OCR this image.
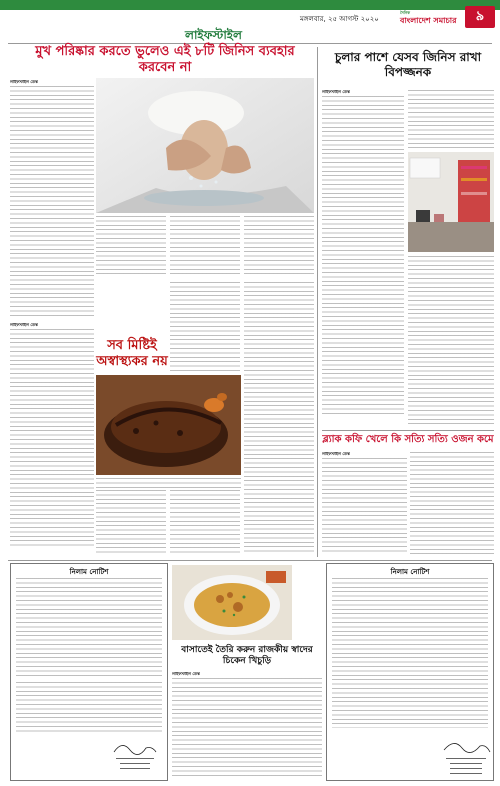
মঙ্গলবার, ২৫ আগস্ট ২০২০
দৈনিক
বাংলাদেশ সমাচার	৯
লাইফস্টাইল
মুখ পরিষ্কার করতে ভুলেও এই ৮টি জিনিস ব্যবহার করবেন না
লাইফস্টাইল ডেস্ক
চুলার পাশে যেসব জিনিস রাখা বিপজ্জনক
লাইফস্টাইল ডেস্ক
ব্ল্যাক কফি খেলে কি সত্যি সত্যি ওজন কমে
লাইফস্টাইল ডেস্ক
লাইফস্টাইল ডেস্ক
সব মিষ্টিই অস্বাস্থ্যকর নয়
নিলাম নোটিশ
বাসাতেই তৈরি করুন রাজকীয় স্বাদের চিকেন খিচুড়ি
লাইফস্টাইল ডেস্ক
নিলাম নোটিশ
